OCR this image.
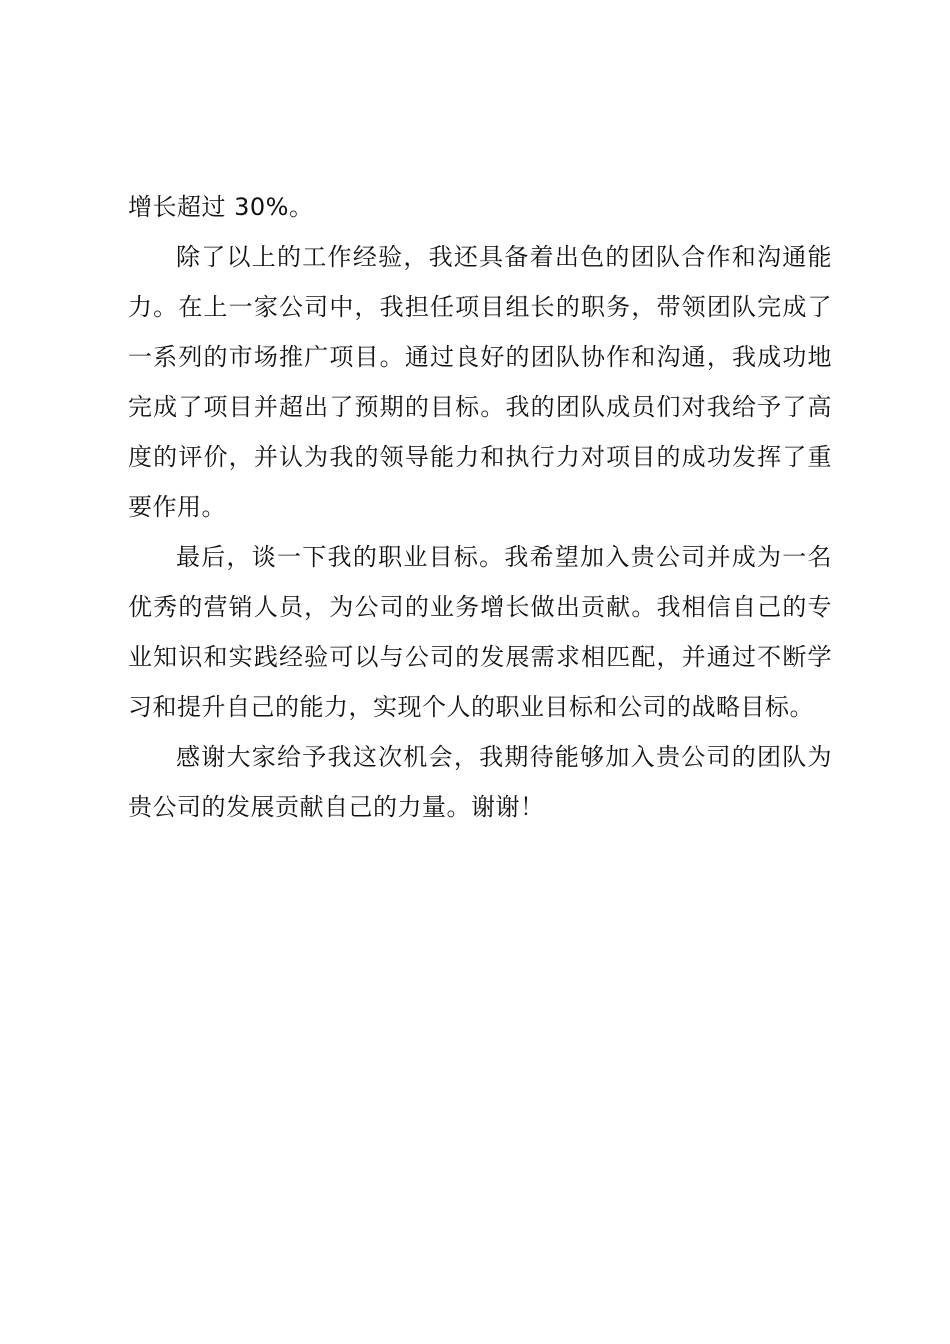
增长超过 30%。

除了以上的工作经验，我还具备着出色的团队合作和沟通能力。在上一家公司中，我担任项目组长的职务，带领团队完成了一系列的市场推广项目。通过良好的团队协作和沟通，我成功地完成了项目并超出了预期的目标。我的团队成员们对我给予了高度的评价，并认为我的领导能力和执行力对项目的成功发挥了重要作用。

最后，谈一下我的职业目标。我希望加入贵公司并成为一名优秀的营销人员，为公司的业务增长做出贡献。我相信自己的专业知识和实践经验可以与公司的发展需求相匹配，并通过不断学习和提升自己的能力，实现个人的职业目标和公司的战略目标。

感谢大家给予我这次机会，我期待能够加入贵公司的团队为贵公司的发展贡献自己的力量。谢谢！
